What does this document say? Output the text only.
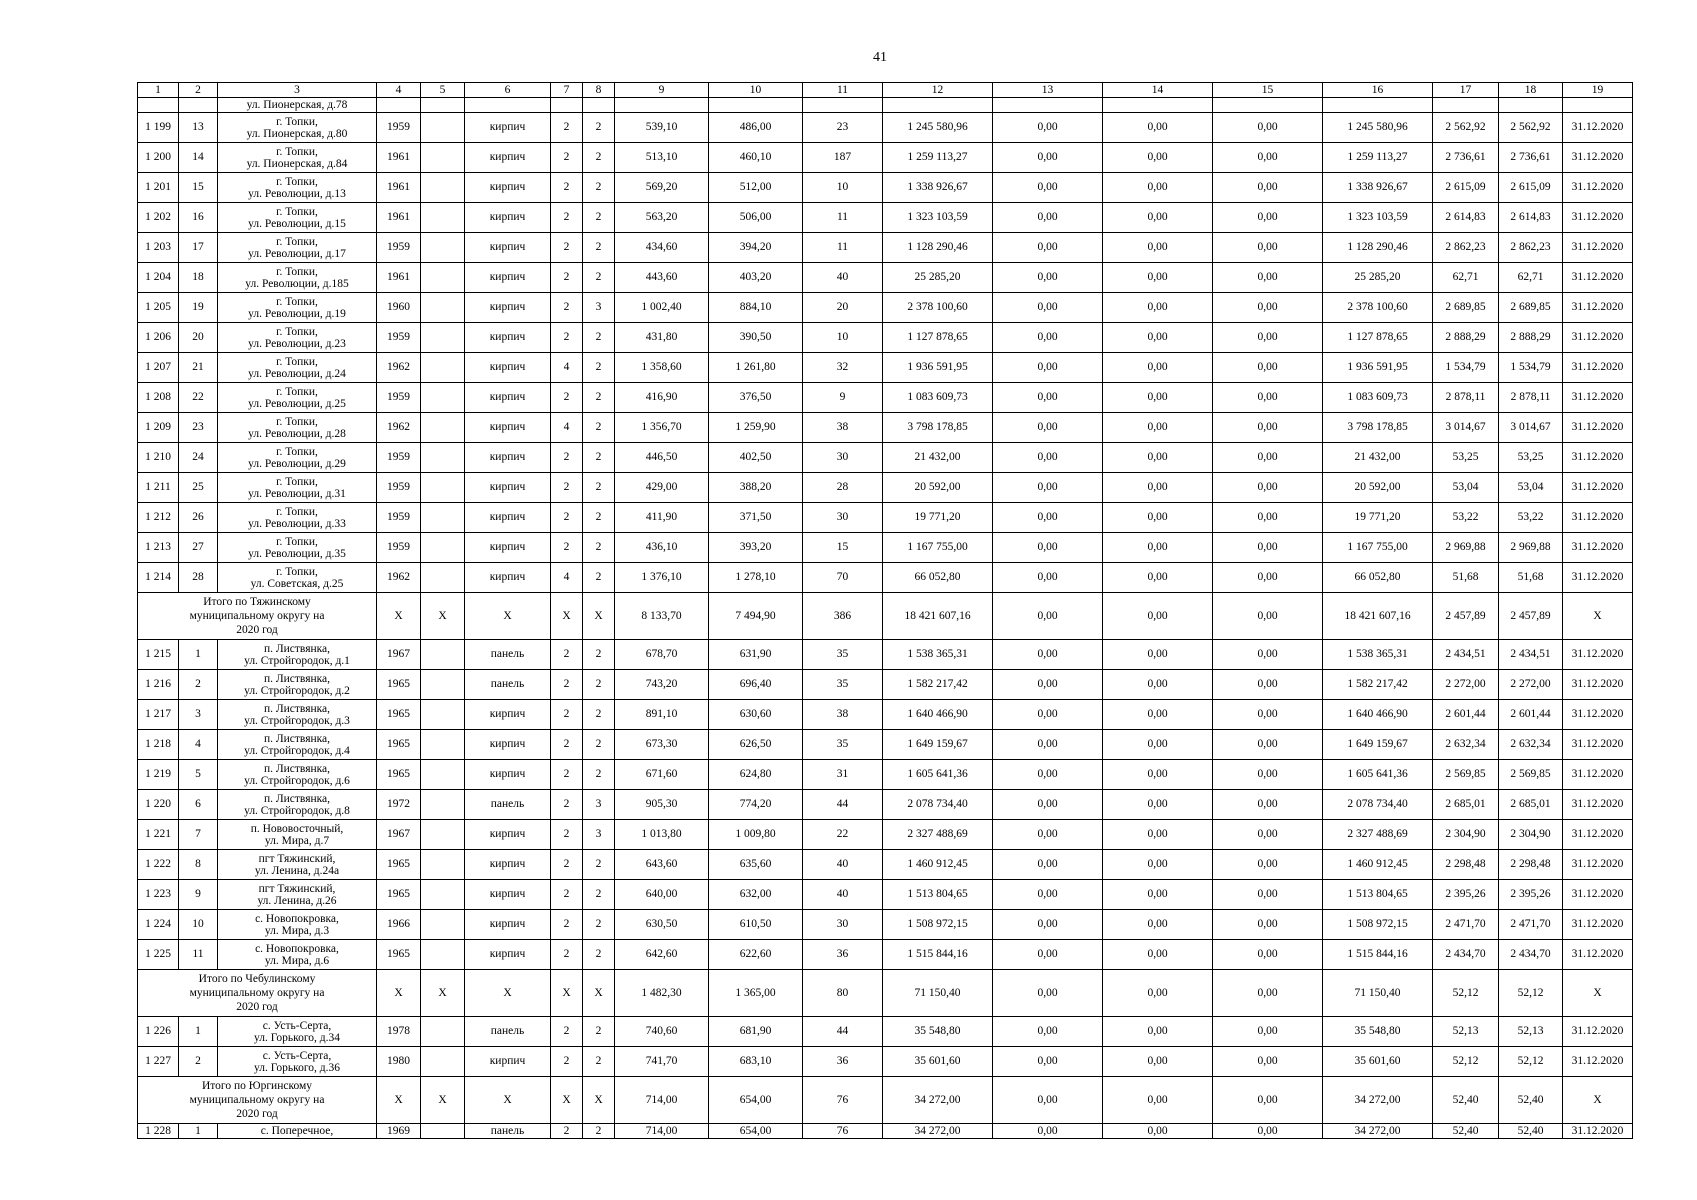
41
1	2	3	4	5	6	7	8	9	10	11	12	13	14	15	16	17	18	19
		ул. Пионерская, д.78																
1 199	13	г. Топки,
ул. Пионерская, д.80	1959		кирпич	2	2	539,10	486,00	23	1 245 580,96	0,00	0,00	0,00	1 245 580,96	2 562,92	2 562,92	31.12.2020
1 200	14	г. Топки,
ул. Пионерская, д.84	1961		кирпич	2	2	513,10	460,10	187	1 259 113,27	0,00	0,00	0,00	1 259 113,27	2 736,61	2 736,61	31.12.2020
1 201	15	г. Топки,
ул. Революции, д.13	1961		кирпич	2	2	569,20	512,00	10	1 338 926,67	0,00	0,00	0,00	1 338 926,67	2 615,09	2 615,09	31.12.2020
1 202	16	г. Топки,
ул. Революции, д.15	1961		кирпич	2	2	563,20	506,00	11	1 323 103,59	0,00	0,00	0,00	1 323 103,59	2 614,83	2 614,83	31.12.2020
1 203	17	г. Топки,
ул. Революции, д.17	1959		кирпич	2	2	434,60	394,20	11	1 128 290,46	0,00	0,00	0,00	1 128 290,46	2 862,23	2 862,23	31.12.2020
1 204	18	г. Топки,
ул. Революции, д.185	1961		кирпич	2	2	443,60	403,20	40	25 285,20	0,00	0,00	0,00	25 285,20	62,71	62,71	31.12.2020
1 205	19	г. Топки,
ул. Революции, д.19	1960		кирпич	2	3	1 002,40	884,10	20	2 378 100,60	0,00	0,00	0,00	2 378 100,60	2 689,85	2 689,85	31.12.2020
1 206	20	г. Топки,
ул. Революции, д.23	1959		кирпич	2	2	431,80	390,50	10	1 127 878,65	0,00	0,00	0,00	1 127 878,65	2 888,29	2 888,29	31.12.2020
1 207	21	г. Топки,
ул. Революции, д.24	1962		кирпич	4	2	1 358,60	1 261,80	32	1 936 591,95	0,00	0,00	0,00	1 936 591,95	1 534,79	1 534,79	31.12.2020
1 208	22	г. Топки,
ул. Революции, д.25	1959		кирпич	2	2	416,90	376,50	9	1 083 609,73	0,00	0,00	0,00	1 083 609,73	2 878,11	2 878,11	31.12.2020
1 209	23	г. Топки,
ул. Революции, д.28	1962		кирпич	4	2	1 356,70	1 259,90	38	3 798 178,85	0,00	0,00	0,00	3 798 178,85	3 014,67	3 014,67	31.12.2020
1 210	24	г. Топки,
ул. Революции, д.29	1959		кирпич	2	2	446,50	402,50	30	21 432,00	0,00	0,00	0,00	21 432,00	53,25	53,25	31.12.2020
1 211	25	г. Топки,
ул. Революции, д.31	1959		кирпич	2	2	429,00	388,20	28	20 592,00	0,00	0,00	0,00	20 592,00	53,04	53,04	31.12.2020
1 212	26	г. Топки,
ул. Революции, д.33	1959		кирпич	2	2	411,90	371,50	30	19 771,20	0,00	0,00	0,00	19 771,20	53,22	53,22	31.12.2020
1 213	27	г. Топки,
ул. Революции, д.35	1959		кирпич	2	2	436,10	393,20	15	1 167 755,00	0,00	0,00	0,00	1 167 755,00	2 969,88	2 969,88	31.12.2020
1 214	28	г. Топки,
ул. Советская, д.25	1962		кирпич	4	2	1 376,10	1 278,10	70	66 052,80	0,00	0,00	0,00	66 052,80	51,68	51,68	31.12.2020
Итого по Тяжинскому
муниципальному округу на
2020 год			X	X	X	X	X	8 133,70	7 494,90	386	18 421 607,16	0,00	0,00	0,00	18 421 607,16	2 457,89	2 457,89	X
1 215	1	п. Листвянка,
ул. Стройгородок, д.1	1967		панель	2	2	678,70	631,90	35	1 538 365,31	0,00	0,00	0,00	1 538 365,31	2 434,51	2 434,51	31.12.2020
1 216	2	п. Листвянка,
ул. Стройгородок, д.2	1965		панель	2	2	743,20	696,40	35	1 582 217,42	0,00	0,00	0,00	1 582 217,42	2 272,00	2 272,00	31.12.2020
1 217	3	п. Листвянка,
ул. Стройгородок, д.3	1965		кирпич	2	2	891,10	630,60	38	1 640 466,90	0,00	0,00	0,00	1 640 466,90	2 601,44	2 601,44	31.12.2020
1 218	4	п. Листвянка,
ул. Стройгородок, д.4	1965		кирпич	2	2	673,30	626,50	35	1 649 159,67	0,00	0,00	0,00	1 649 159,67	2 632,34	2 632,34	31.12.2020
1 219	5	п. Листвянка,
ул. Стройгородок, д.6	1965		кирпич	2	2	671,60	624,80	31	1 605 641,36	0,00	0,00	0,00	1 605 641,36	2 569,85	2 569,85	31.12.2020
1 220	6	п. Листвянка,
ул. Стройгородок, д.8	1972		панель	2	3	905,30	774,20	44	2 078 734,40	0,00	0,00	0,00	2 078 734,40	2 685,01	2 685,01	31.12.2020
1 221	7	п. Нововосточный,
ул. Мира, д.7	1967		кирпич	2	3	1 013,80	1 009,80	22	2 327 488,69	0,00	0,00	0,00	2 327 488,69	2 304,90	2 304,90	31.12.2020
1 222	8	пгт Тяжинский,
ул. Ленина, д.24а	1965		кирпич	2	2	643,60	635,60	40	1 460 912,45	0,00	0,00	0,00	1 460 912,45	2 298,48	2 298,48	31.12.2020
1 223	9	пгт Тяжинский,
ул. Ленина, д.26	1965		кирпич	2	2	640,00	632,00	40	1 513 804,65	0,00	0,00	0,00	1 513 804,65	2 395,26	2 395,26	31.12.2020
1 224	10	с. Новопокровка,
ул. Мира, д.3	1966		кирпич	2	2	630,50	610,50	30	1 508 972,15	0,00	0,00	0,00	1 508 972,15	2 471,70	2 471,70	31.12.2020
1 225	11	с. Новопокровка,
ул. Мира, д.6	1965		кирпич	2	2	642,60	622,60	36	1 515 844,16	0,00	0,00	0,00	1 515 844,16	2 434,70	2 434,70	31.12.2020
Итого по Чебулинскому
муниципальному округу на
2020 год			X	X	X	X	X	1 482,30	1 365,00	80	71 150,40	0,00	0,00	0,00	71 150,40	52,12	52,12	X
1 226	1	с. Усть-Серта,
ул. Горького, д.34	1978		панель	2	2	740,60	681,90	44	35 548,80	0,00	0,00	0,00	35 548,80	52,13	52,13	31.12.2020
1 227	2	с. Усть-Серта,
ул. Горького, д.36	1980		кирпич	2	2	741,70	683,10	36	35 601,60	0,00	0,00	0,00	35 601,60	52,12	52,12	31.12.2020
Итого по Юргинскому
муниципальному округу на
2020 год			X	X	X	X	X	714,00	654,00	76	34 272,00	0,00	0,00	0,00	34 272,00	52,40	52,40	X
1 228	1	с. Поперечное,	1969		панель	2	2	714,00	654,00	76	34 272,00	0,00	0,00	0,00	34 272,00	52,40	52,40	31.12.2020
